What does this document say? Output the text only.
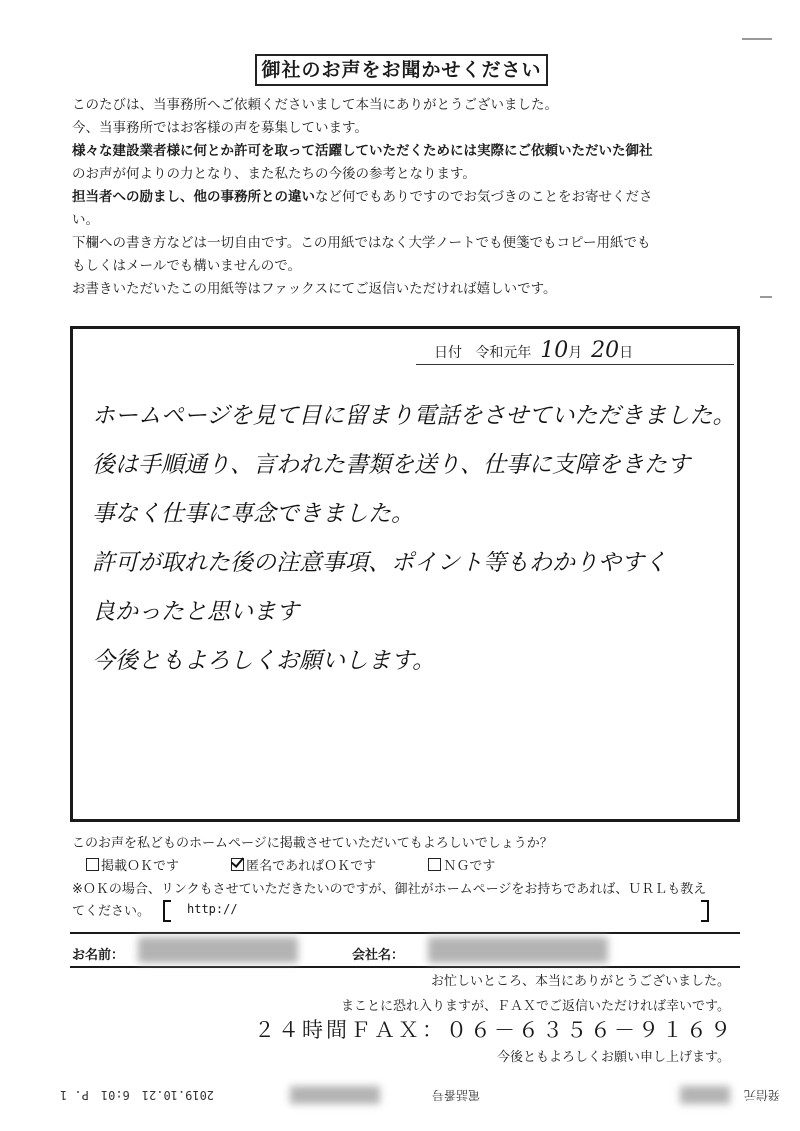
御社のお声をお聞かせください

このたびは、当事務所へご依頼くださいまして本当にありがとうございました。

今、当事務所ではお客様の声を募集しています。

様々な建設業者様に何とか許可を取って活躍していただくためには実際にご依頼いただいた御社

のお声が何よりの力となり、また私たちの今後の参考となります。

担当者への励まし、他の事務所との違いなど何でもありですのでお気づきのことをお寄せくださ

い。

下欄への書き方などは一切自由です。この用紙ではなく大学ノートでも便箋でもコピー用紙でも

もしくはメールでも構いませんので。

お書きいただいたこの用紙等はファックスにてご返信いただければ嬉しいです。

日付 令和元年 10月 20日
ホームページを見て目に留まり電話をさせていただきました。
後は手順通り、言われた書類を送り、仕事に支障をきたす
事なく仕事に専念できました。
許可が取れた後の注意事項、ポイント等もわかりやすく
良かったと思います
今後ともよろしくお願いします。
このお声を私どものホームページに掲載させていただいてもよろしいでしょうか？
掲載ＯＫです	匿名であればＯＫです	ＮＧです

※ＯＫの場合、リンクもさせていただきたいのですが、御社がホームページをお持ちであれば、ＵＲＬも教え

てください。	http://
お名前：	会社名：
お忙しいところ、本当にありがとうございました。
まことに恐れ入りますが、ＦＡＸでご返信いただければ幸いです。
２４時間ＦＡＸ：０６－６３５６－９１６９
今後ともよろしくお願い申し上げます。
2019.10.21　6:01　P. 1	電話番号	発信元
